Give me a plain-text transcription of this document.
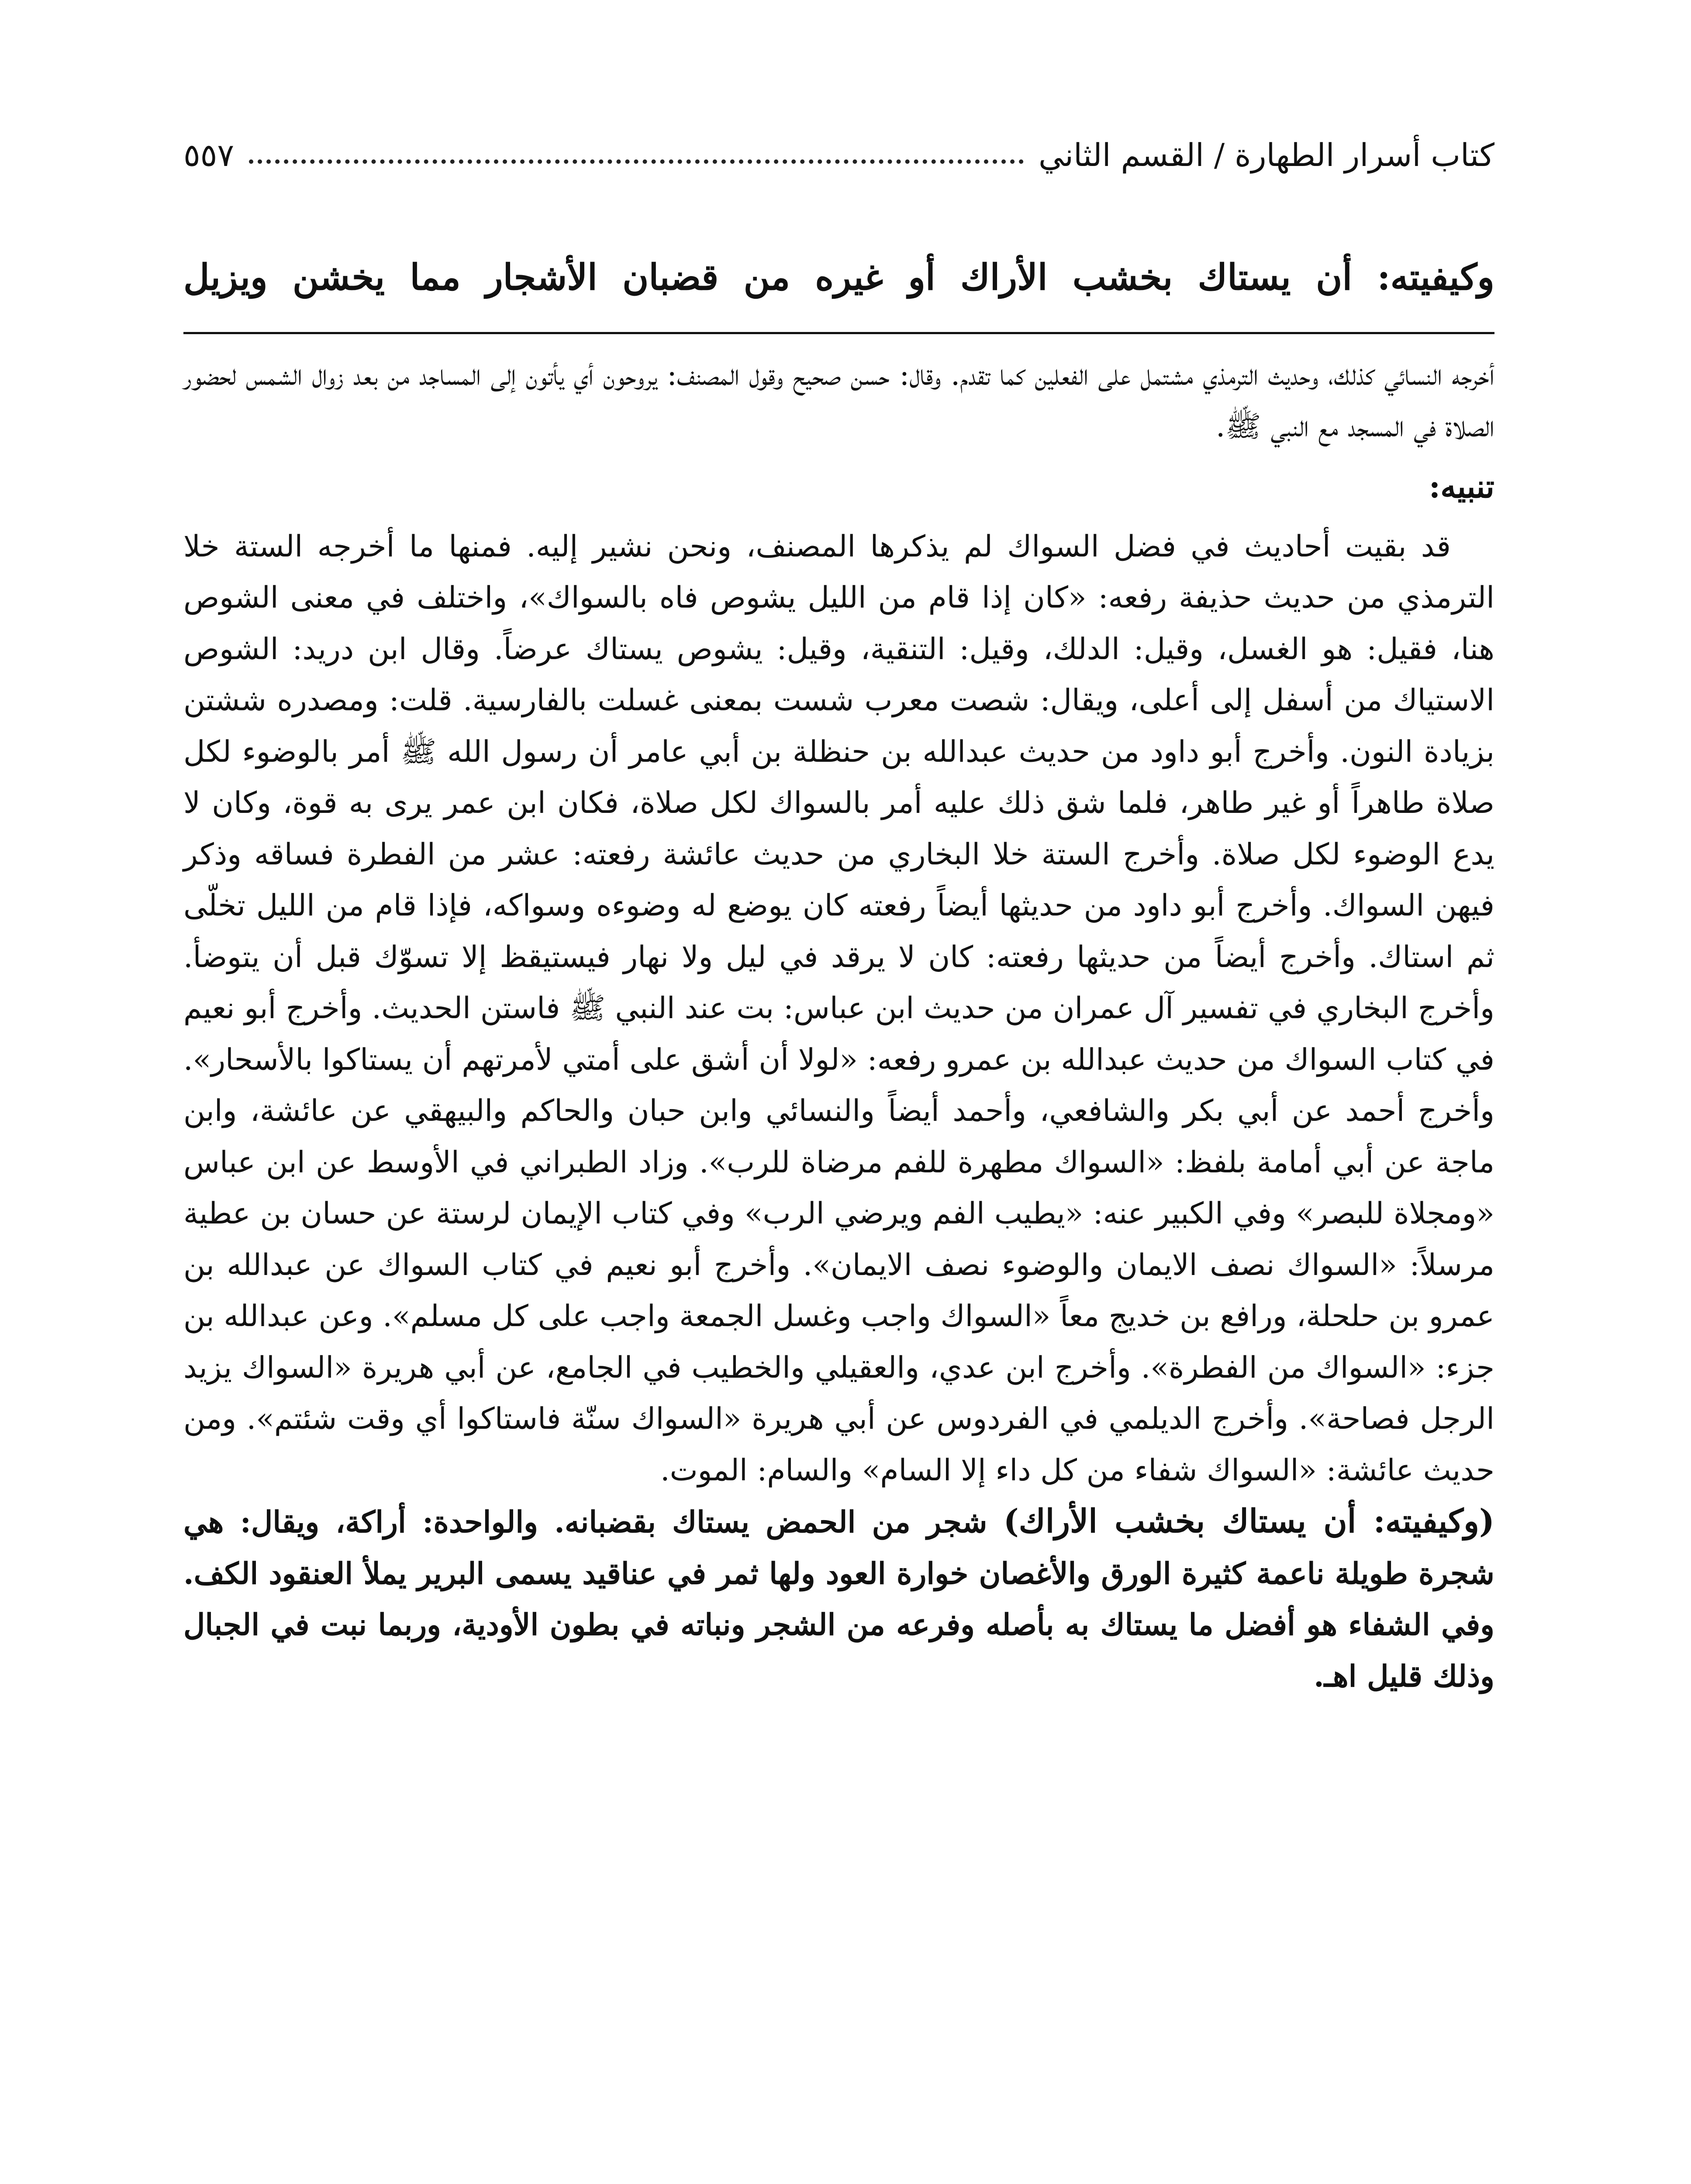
كتاب أسرار الطهارة / القسم الثاني
٥٥٧
وكيفيته: أن يستاك بخشب الأراك أو غيره من قضبان الأشجار مما يخشن ويزيل

أخرجه النسائي كذلك، وحديث الترمذي مشتمل على الفعلين كما تقدم. وقال: حسن صحيح وقول المصنف: يروحون أي يأتون إلى المساجد من بعد زوال الشمس لحضور الصلاة في المسجد مع النبي ﷺ.

تنبيه:

قد بقيت أحاديث في فضل السواك لم يذكرها المصنف، ونحن نشير إليه. فمنها ما أخرجه الستة خلا الترمذي من حديث حذيفة رفعه: «كان إذا قام من الليل يشوص فاه بالسواك»، واختلف في معنى الشوص هنا، فقيل: هو الغسل، وقيل: الدلك، وقيل: التنقية، وقيل: يشوص يستاك عرضاً. وقال ابن دريد: الشوص الاستياك من أسفل إلى أعلى، ويقال: شصت معرب شست بمعنى غسلت بالفارسية. قلت: ومصدره ششتن بزيادة النون. وأخرج أبو داود من حديث عبدالله بن حنظلة بن أبي عامر أن رسول الله ﷺ أمر بالوضوء لكل صلاة طاهراً أو غير طاهر، فلما شق ذلك عليه أمر بالسواك لكل صلاة، فكان ابن عمر يرى به قوة، وكان لا يدع الوضوء لكل صلاة. وأخرج الستة خلا البخاري من حديث عائشة رفعته: عشر من الفطرة فساقه وذكر فيهن السواك. وأخرج أبو داود من حديثها أيضاً رفعته كان يوضع له وضوءه وسواكه، فإذا قام من الليل تخلّى ثم استاك. وأخرج أيضاً من حديثها رفعته: كان لا يرقد في ليل ولا نهار فيستيقظ إلا تسوّك قبل أن يتوضأ. وأخرج البخاري في تفسير آل عمران من حديث ابن عباس: بت عند النبي ﷺ فاستن الحديث. وأخرج أبو نعيم في كتاب السواك من حديث عبدالله بن عمرو رفعه: «لولا أن أشق على أمتي لأمرتهم أن يستاكوا بالأسحار». وأخرج أحمد عن أبي بكر والشافعي، وأحمد أيضاً والنسائي وابن حبان والحاكم والبيهقي عن عائشة، وابن ماجة عن أبي أمامة بلفظ: «السواك مطهرة للفم مرضاة للرب». وزاد الطبراني في الأوسط عن ابن عباس «ومجلاة للبصر» وفي الكبير عنه: «يطيب الفم ويرضي الرب» وفي كتاب الإيمان لرستة عن حسان بن عطية مرسلاً: «السواك نصف الايمان والوضوء نصف الايمان». وأخرج أبو نعيم في كتاب السواك عن عبدالله بن عمرو بن حلحلة، ورافع بن خديج معاً «السواك واجب وغسل الجمعة واجب على كل مسلم». وعن عبدالله بن جزء: «السواك من الفطرة». وأخرج ابن عدي، والعقيلي والخطيب في الجامع، عن أبي هريرة «السواك يزيد الرجل فصاحة». وأخرج الديلمي في الفردوس عن أبي هريرة «السواك سنّة فاستاكوا أي وقت شئتم». ومن حديث عائشة: «السواك شفاء من كل داء إلا السام» والسام: الموت.

(وكيفيته: أن يستاك بخشب الأراك) شجر من الحمض يستاك بقضبانه. والواحدة: أراكة، ويقال: هي شجرة طويلة ناعمة كثيرة الورق والأغصان خوارة العود ولها ثمر في عناقيد يسمى البرير يملأ العنقود الكف. وفي الشفاء هو أفضل ما يستاك به بأصله وفرعه من الشجر ونباته في بطون الأودية، وربما نبت في الجبال وذلك قليل اهـ.
